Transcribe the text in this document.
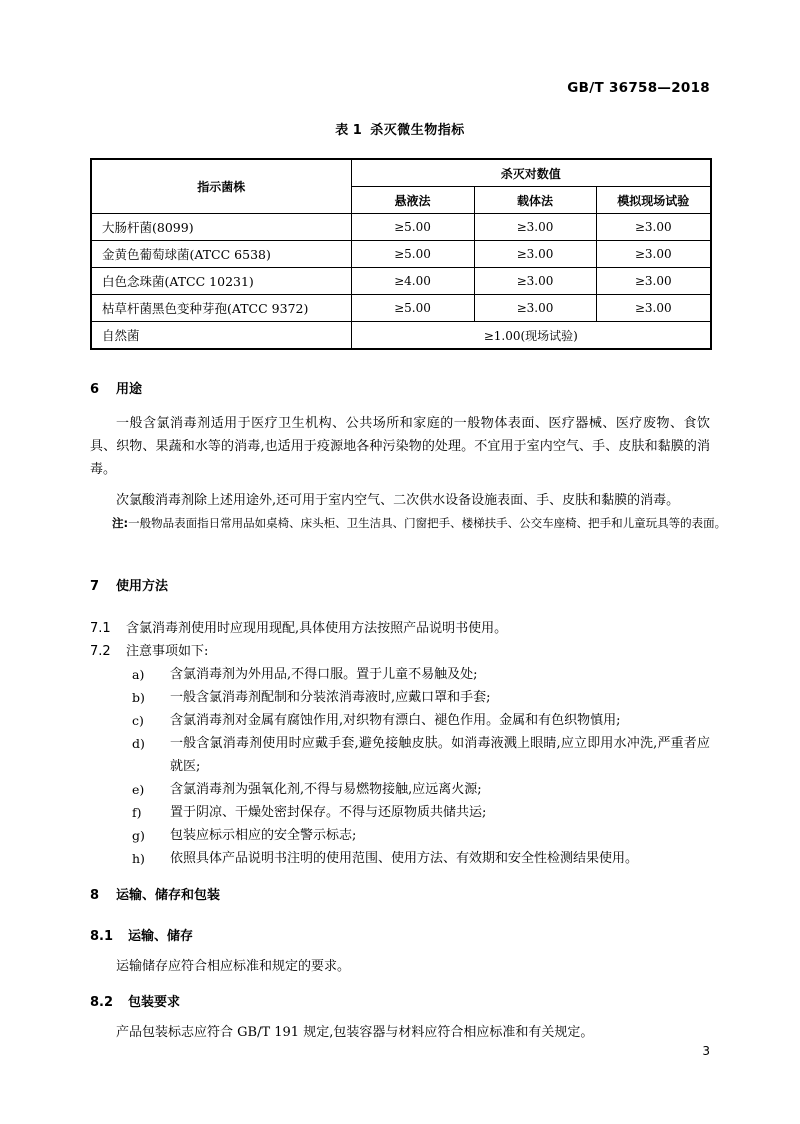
GB/T 36758—2018
表 1 杀灭微生物指标
指示菌株	杀灭对数值		
	悬液法	载体法	模拟现场试验
大肠杆菌(8099)	≥5.00	≥3.00	≥3.00
金黄色葡萄球菌(ATCC 6538)	≥5.00	≥3.00	≥3.00
白色念珠菌(ATCC 10231)	≥4.00	≥3.00	≥3.00
枯草杆菌黑色变种芽孢(ATCC 9372)	≥5.00	≥3.00	≥3.00
自然菌	≥1.00(现场试验)		
6 用途
一般含氯消毒剂适用于医疗卫生机构、公共场所和家庭的一般物体表面、医疗器械、医疗废物、食饮具、织物、果蔬和水等的消毒,也适用于疫源地各种污染物的处理。不宜用于室内空气、手、皮肤和黏膜的消毒。
次氯酸消毒剂除上述用途外,还可用于室内空气、二次供水设备设施表面、手、皮肤和黏膜的消毒。
注:一般物品表面指日常用品如桌椅、床头柜、卫生洁具、门窗把手、楼梯扶手、公交车座椅、把手和儿童玩具等的表面。
7 使用方法
7.1 含氯消毒剂使用时应现用现配,具体使用方法按照产品说明书使用。
7.2 注意事项如下:
a) 含氯消毒剂为外用品,不得口服。置于儿童不易触及处;
b) 一般含氯消毒剂配制和分装浓消毒液时,应戴口罩和手套;
c) 含氯消毒剂对金属有腐蚀作用,对织物有漂白、褪色作用。金属和有色织物慎用;
d) 一般含氯消毒剂使用时应戴手套,避免接触皮肤。如消毒液溅上眼睛,应立即用水冲洗,严重者应就医;
e) 含氯消毒剂为强氧化剂,不得与易燃物接触,应远离火源;
f) 置于阴凉、干燥处密封保存。不得与还原物质共储共运;
g) 包装应标示相应的安全警示标志;
h) 依照具体产品说明书注明的使用范围、使用方法、有效期和安全性检测结果使用。
8 运输、储存和包装
8.1 运输、储存
运输储存应符合相应标准和规定的要求。
8.2 包装要求
产品包装标志应符合 GB/T 191 规定,包装容器与材料应符合相应标准和有关规定。
3
